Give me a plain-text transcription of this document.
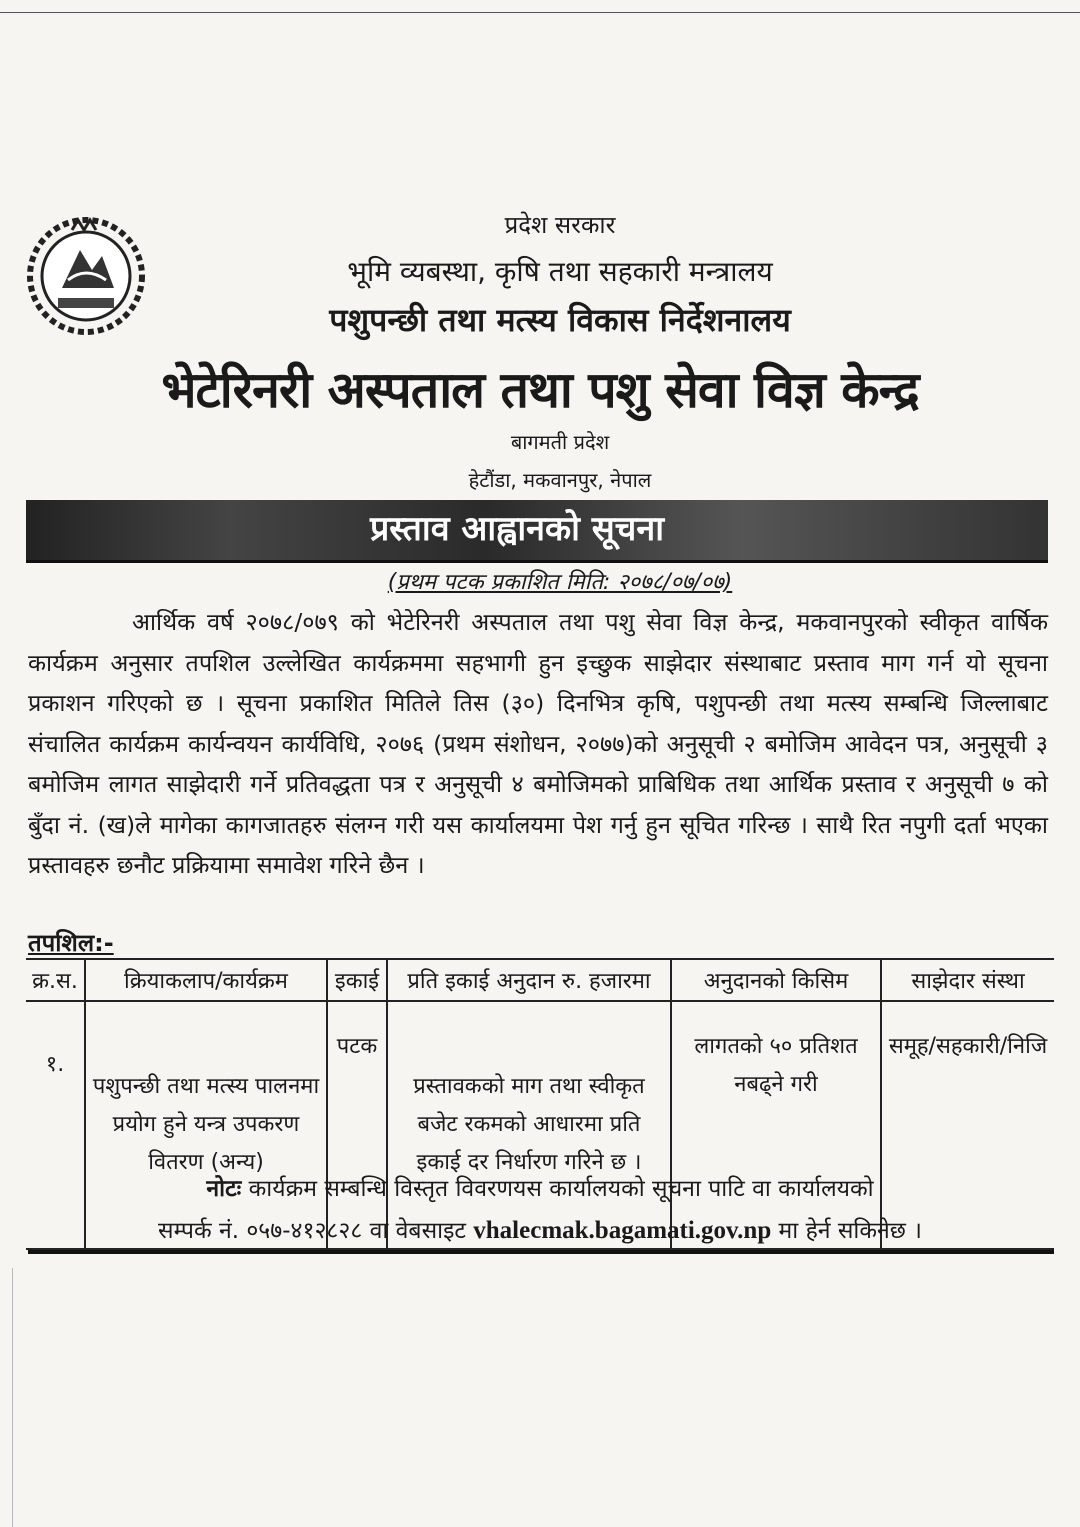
प्रदेश सरकार
भूमि व्यबस्था, कृषि तथा सहकारी मन्त्रालय
पशुपन्छी तथा मत्स्य विकास निर्देशनालय
भेटेरिनरी अस्पताल तथा पशु सेवा विज्ञ केन्द्र
बागमती प्रदेश
हेटौंडा, मकवानपुर, नेपाल
प्रस्ताव आह्वानको सूचना
(प्रथम पटक प्रकाशित मिति: २०७८/०७/०७)
आर्थिक वर्ष २०७८/०७९ को भेटेरिनरी अस्पताल तथा पशु सेवा विज्ञ केन्द्र, मकवानपुरको स्वीकृत वार्षिक कार्यक्रम अनुसार तपशिल उल्लेखित कार्यक्रममा सहभागी हुन इच्छुक साझेदार संस्थाबाट प्रस्ताव माग गर्न यो सूचना प्रकाशन गरिएको छ । सूचना प्रकाशित मितिले तिस (३०) दिनभित्र कृषि, पशुपन्छी तथा मत्स्य सम्बन्धि जिल्लाबाट संचालित कार्यक्रम कार्यन्वयन कार्यविधि, २०७६ (प्रथम संशोधन, २०७७)को अनुसूची २ बमोजिम आवेदन पत्र, अनुसूची ३ बमोजिम लागत साझेदारी गर्ने प्रतिवद्धता पत्र र अनुसूची ४ बमोजिमको प्राबिधिक तथा आर्थिक प्रस्ताव र अनुसूची ७ को बुँदा नं. (ख)ले मागेका कागजातहरु संलग्न गरी यस कार्यालयमा पेश गर्नु हुन सूचित गरिन्छ । साथै रित नपुगी दर्ता भएका प्रस्तावहरु छनौट प्रक्रियामा समावेश गरिने छैन ।
तपशिल:-
क्र.स.	क्रियाकलाप/कार्यक्रम	इकाई	प्रति इकाई अनुदान रु. हजारमा	अनुदानको किसिम	साझेदार संस्था
१.	पशुपन्छी तथा मत्स्य पालनमा प्रयोग हुने यन्त्र उपकरण वितरण (अन्य)	पटक	प्रस्तावकको माग तथा स्वीकृत बजेट रकमको आधारमा प्रति इकाई दर निर्धारण गरिने छ ।	लागतको ५० प्रतिशत नबढ्ने गरी	समूह/सहकारी/निजि
नोटः कार्यक्रम सम्बन्धि विस्तृत विवरणयस कार्यालयको सूचना पाटि वा कार्यालयको
सम्पर्क नं. ०५७-४१२८२८ वा वेबसाइट vhalecmak.bagamati.gov.np मा हेर्न सकिनेछ ।
